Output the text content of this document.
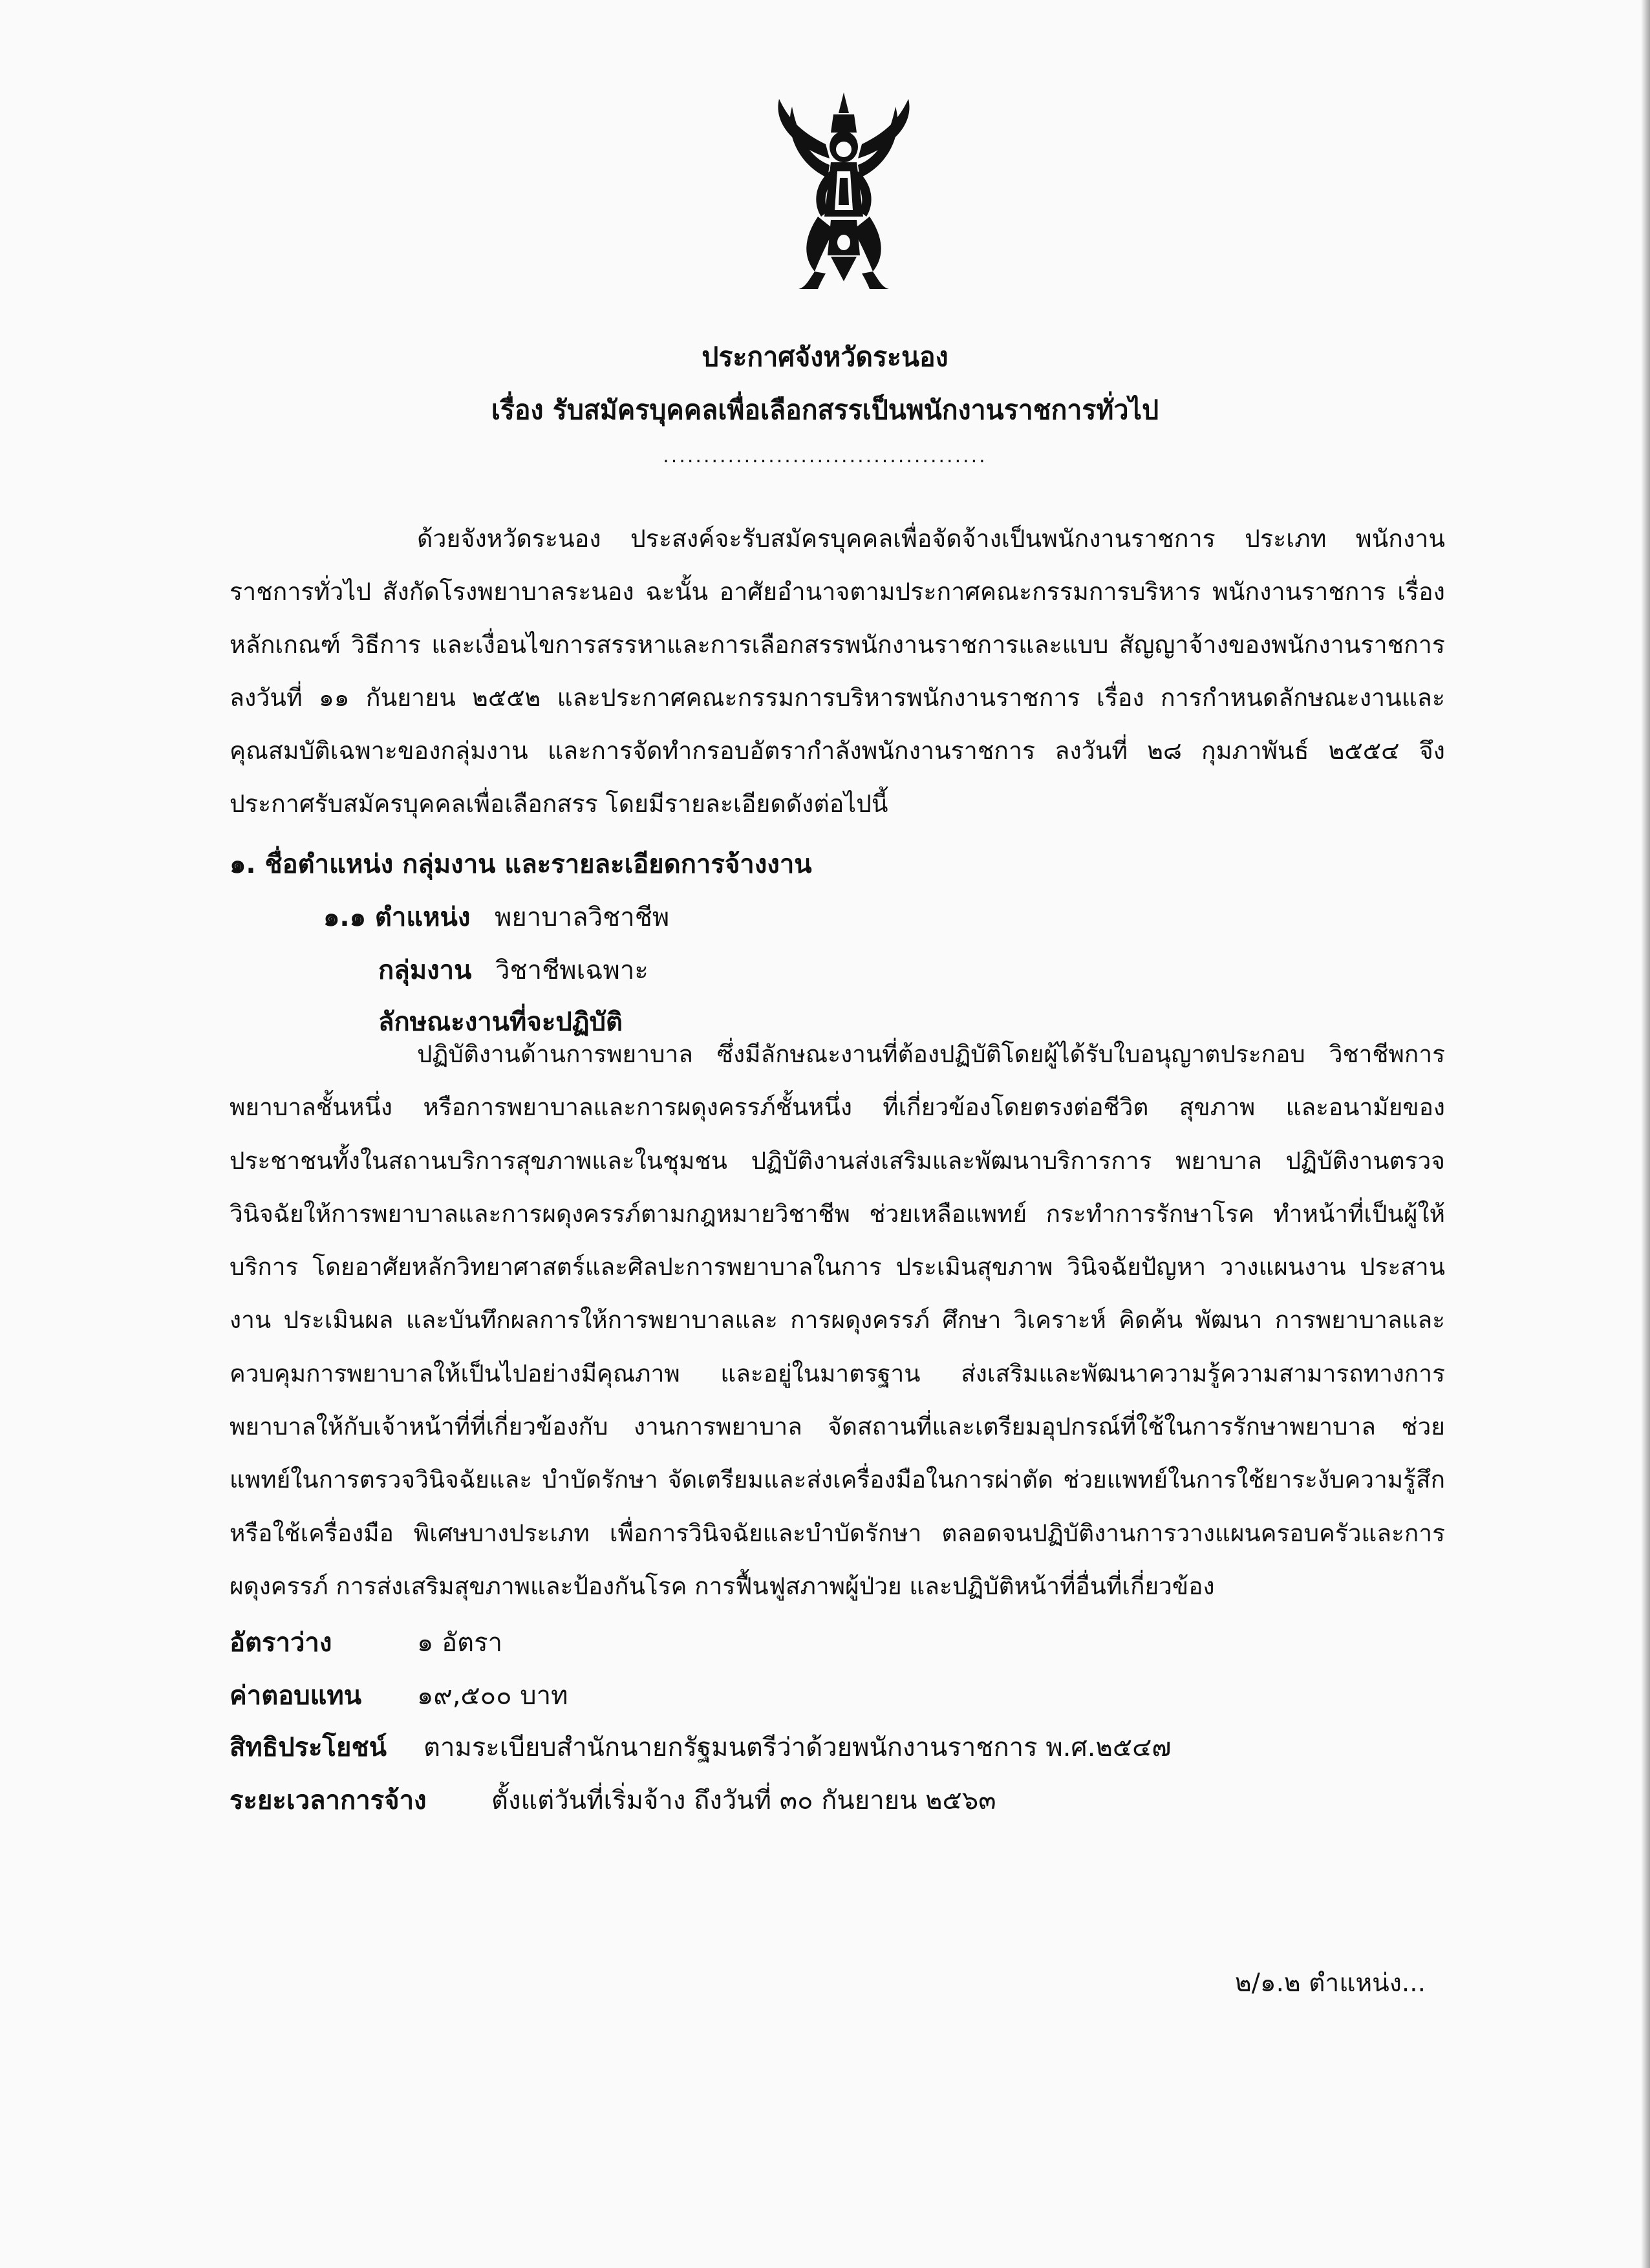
ประกาศจังหวัดระนอง
เรื่อง รับสมัครบุคคลเพื่อเลือกสรรเป็นพนักงานราชการทั่วไป
........................................
ด้วยจังหวัดระนอง ประสงค์จะรับสมัครบุคคลเพื่อจัดจ้างเป็นพนักงานราชการ ประเภท พนักงานราชการทั่วไป สังกัดโรงพยาบาลระนอง ฉะนั้น อาศัยอำนาจตามประกาศคณะกรรมการบริหาร พนักงานราชการ เรื่อง หลักเกณฑ์ วิธีการ และเงื่อนไขการสรรหาและการเลือกสรรพนักงานราชการและแบบ สัญญาจ้างของพนักงานราชการ ลงวันที่ ๑๑ กันยายน ๒๕๕๒ และประกาศคณะกรรมการบริหารพนักงานราชการ เรื่อง การกำหนดลักษณะงานและคุณสมบัติเฉพาะของกลุ่มงาน และการจัดทำกรอบอัตรากำลังพนักงานราชการ ลงวันที่ ๒๘ กุมภาพันธ์ ๒๕๕๔ จึงประกาศรับสมัครบุคคลเพื่อเลือกสรร โดยมีรายละเอียดดังต่อไปนี้
๑. ชื่อตำแหน่ง กลุ่มงาน และรายละเอียดการจ้างงาน
๑.๑ ตำแหน่ง พยาบาลวิชาชีพ
กลุ่มงาน วิชาชีพเฉพาะ
ลักษณะงานที่จะปฏิบัติ
ปฏิบัติงานด้านการพยาบาล ซึ่งมีลักษณะงานที่ต้องปฏิบัติโดยผู้ได้รับใบอนุญาตประกอบ วิชาชีพการพยาบาลชั้นหนึ่ง หรือการพยาบาลและการผดุงครรภ์ชั้นหนึ่ง ที่เกี่ยวข้องโดยตรงต่อชีวิต สุขภาพ และอนามัยของประชาชนทั้งในสถานบริการสุขภาพและในชุมชน ปฏิบัติงานส่งเสริมและพัฒนาบริการการ พยาบาล ปฏิบัติงานตรวจวินิจฉัยให้การพยาบาลและการผดุงครรภ์ตามกฎหมายวิชาชีพ ช่วยเหลือแพทย์ กระทำการรักษาโรค ทำหน้าที่เป็นผู้ให้บริการ โดยอาศัยหลักวิทยาศาสตร์และศิลปะการพยาบาลในการ ประเมินสุขภาพ วินิจฉัยปัญหา วางแผนงาน ประสานงาน ประเมินผล และบันทึกผลการให้การพยาบาลและ การผดุงครรภ์ ศึกษา วิเคราะห์ คิดค้น พัฒนา การพยาบาลและควบคุมการพยาบาลให้เป็นไปอย่างมีคุณภาพ และอยู่ในมาตรฐาน ส่งเสริมและพัฒนาความรู้ความสามารถทางการพยาบาลให้กับเจ้าหน้าที่ที่เกี่ยวข้องกับ งานการพยาบาล จัดสถานที่และเตรียมอุปกรณ์ที่ใช้ในการรักษาพยาบาล ช่วยแพทย์ในการตรวจวินิจฉัยและ บำบัดรักษา จัดเตรียมและส่งเครื่องมือในการผ่าตัด ช่วยแพทย์ในการใช้ยาระงับความรู้สึก หรือใช้เครื่องมือ พิเศษบางประเภท เพื่อการวินิจฉัยและบำบัดรักษา ตลอดจนปฏิบัติงานการวางแผนครอบครัวและการ ผดุงครรภ์ การส่งเสริมสุขภาพและป้องกันโรค การฟื้นฟูสภาพผู้ป่วย และปฏิบัติหน้าที่อื่นที่เกี่ยวข้อง
อัตราว่าง	๑ อัตรา
ค่าตอบแทน ๑๙,๕๐๐ บาท
สิทธิประโยชน์ ตามระเบียบสำนักนายกรัฐมนตรีว่าด้วยพนักงานราชการ พ.ศ.๒๕๔๗
ระยะเวลาการจ้าง	ตั้งแต่วันที่เริ่มจ้าง ถึงวันที่ ๓๐ กันยายน ๒๕๖๓
๒/๑.๒ ตำแหน่ง...
